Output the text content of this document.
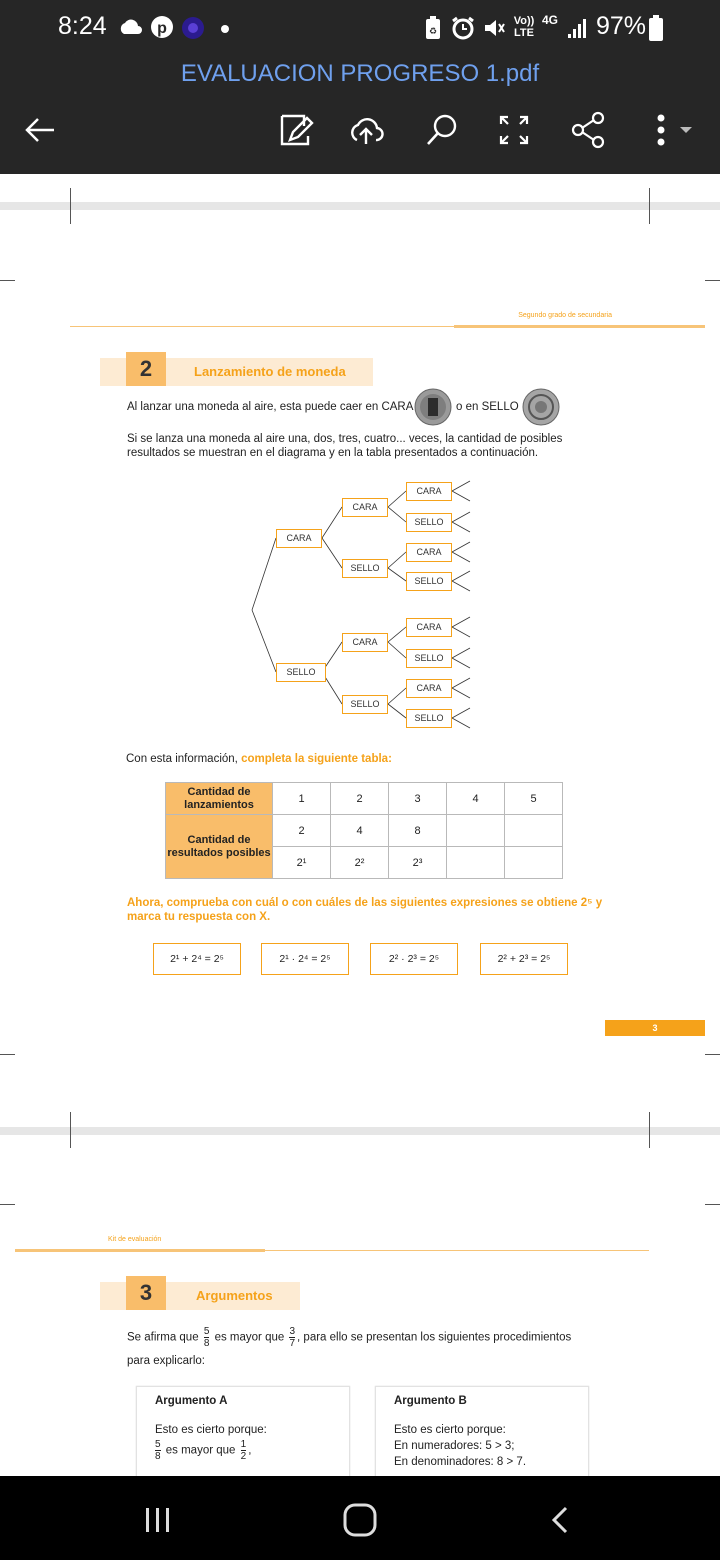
8:24	p	♻
Vo)) LTE
4G 97%
EVALUACION PROGRESO 1.pdf
Segundo grado de secundaria
2	Lanzamiento de moneda
Al lanzar una moneda al aire, esta puede caer en CARA	o en SELLO
Si se lanza una moneda al aire una, dos, tres, cuatro... veces, la cantidad de posibles resultados se muestran en el diagrama y en la tabla presentados a continuación.
CARA
SELLO
CARA
SELLO
CARA
SELLO
CARA
SELLO
CARA
SELLO
CARA
SELLO
CARA
SELLO
Con esta información, completa la siguiente tabla:
Cantidad de lanzamientos	1	2	3	4	5
Cantidad de resultados posibles	2	4	8		
	2¹	2²	2³		
Ahora, comprueba con cuál o con cuáles de las siguientes expresiones se obtiene 2⁵ y marca tu respuesta con X.
2¹ + 2⁴ = 2⁵	2¹ · 2⁴ = 2⁵	2² · 2³ = 2⁵	2² + 2³ = 2⁵
3
Kit de evaluación
3	Argumentos
Se afirma que $\frac{5}{8}$ es mayor que $\frac{3}{7}$ , para ello se presentan los siguientes procedimientos
para explicarlo:
Argumento A
Esto es cierto porque:
$\frac{5}{8}$ es mayor que $\frac{1}{2}$ ,
Argumento B
Esto es cierto porque:
En numeradores: 5 > 3;
En denominadores: 8 > 7.
